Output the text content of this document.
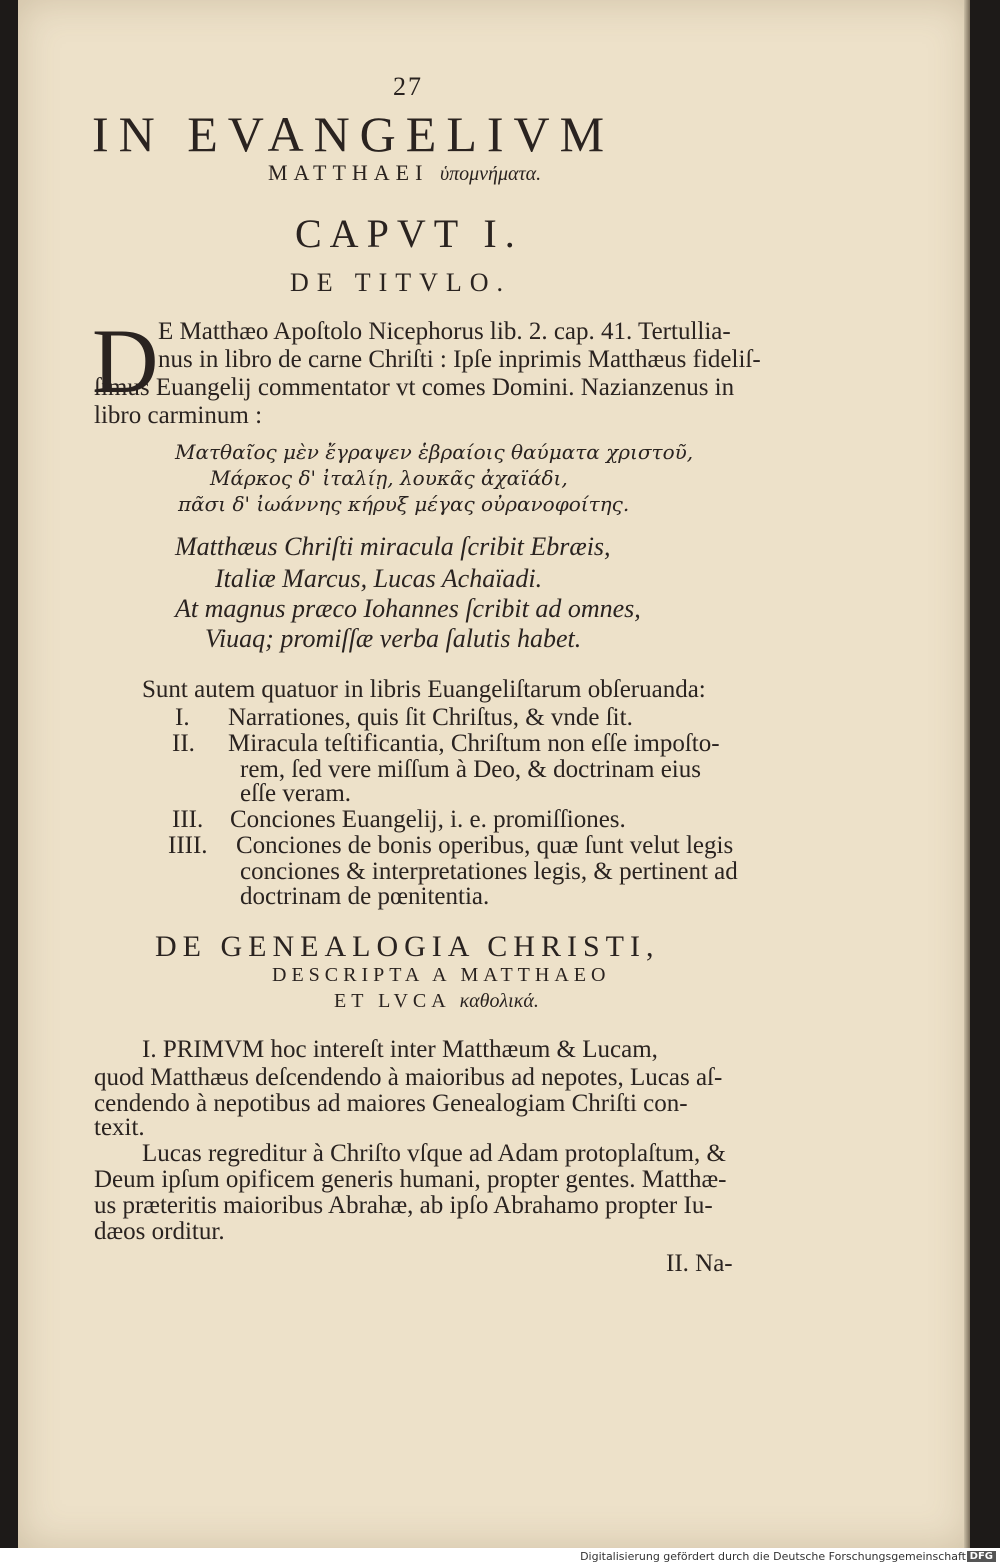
27
IN EVANGELIVM
MATTHAEI ὑπομνήματα.
CAPVT I.
DE TITVLO.
D E Matthæo Apoſtolo Nicephorus lib. 2. cap. 41. Tertullia-
nus in libro de carne Chriſti : Ipſe inprimis Matthæus fideliſ-
ſimus Euangelij commentator vt comes Domini. Nazianzenus in
libro carminum :
Ματθαῖος μὲν ἔγραψεν ἑβραίοις θαύματα χριστοῦ,
Μάρκος δ' ἰταλίῃ, λουκᾶς ἀχαϊάδι,
πᾶσι δ' ἰωάννης κήρυξ μέγας οὐρανοφοίτης.
Matthæus Chriſti miracula ſcribit Ebræis,
Italiæ Marcus, Lucas Achaïadi.
At magnus præco Iohannes ſcribit ad omnes,
Viuaq; promiſſæ verba ſalutis habet.
Sunt autem quatuor in libris Euangeliſtarum obſeruanda:
I. Narrationes, quis ſit Chriſtus, & vnde ſit.
II. Miracula teſtificantia, Chriſtum non eſſe impoſto-
rem, ſed vere miſſum à Deo, & doctrinam eius
eſſe veram.
III. Conciones Euangelij, i. e. promiſſiones.
IIII. Conciones de bonis operibus, quæ ſunt velut legis
conciones & interpretationes legis, & pertinent ad
doctrinam de pœnitentia.
DE GENEALOGIA CHRISTI,
DESCRIPTA A MATTHAEO
ET LVCA καθολικά.
I. PRIMVM hoc intereſt inter Matthæum & Lucam,
quod Matthæus deſcendendo à maioribus ad nepotes, Lucas aſ-
cendendo à nepotibus ad maiores Genealogiam Chriſti con-
texit.
Lucas regreditur à Chriſto vſque ad Adam protoplaſtum, &
Deum ipſum opificem generis humani, propter gentes. Matthæ-
us præteritis maioribus Abrahæ, ab ipſo Abrahamo propter Iu-
dæos orditur.
II. Na-
Digitalisierung gefördert durch die Deutsche Forschungsgemeinschaft DFG
